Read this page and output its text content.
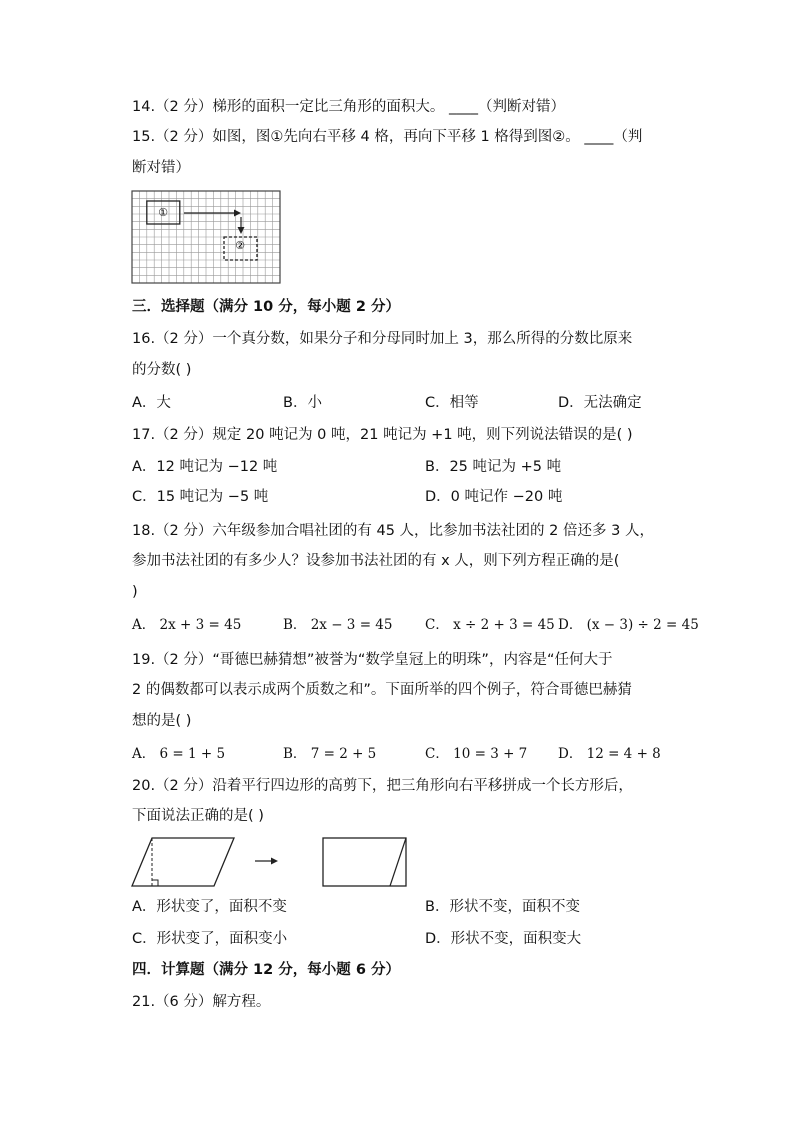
14.（2 分）梯形的面积一定比三角形的面积大。 ____（判断对错）
15.（2 分）如图，图①先向右平移 4 格，再向下平移 1 格得到图②。 ____（判
断对错）
①
②
三．选择题（满分 10 分，每小题 2 分）
16.（2 分）一个真分数，如果分子和分母同时加上 3，那么所得的分数比原来
的分数( )
A．大	B．小	C．相等	D．无法确定
17.（2 分）规定 20 吨记为 0 吨，21 吨记为 +1 吨，则下列说法错误的是( )
A．12 吨记为 −12 吨	B．25 吨记为 +5 吨
C．15 吨记为 −5 吨	D．0 吨记作 −20 吨
18.（2 分）六年级参加合唱社团的有 45 人，比参加书法社团的 2 倍还多 3 人，
参加书法社团的有多少人？设参加书法社团的有 x 人，则下列方程正确的是(
)
A． 2x + 3 = 45	B． 2x − 3 = 45 C． x ÷ 2 + 3 = 45 D． (x − 3) ÷ 2 = 45
19.（2 分）“哥德巴赫猜想”被誉为“数学皇冠上的明珠”，内容是“任何大于
2 的偶数都可以表示成两个质数之和”。下面所举的四个例子，符合哥德巴赫猜
想的是( )
A． 6 = 1 + 5	B． 7 = 2 + 5	C． 10 = 3 + 7 D． 12 = 4 + 8
20.（2 分）沿着平行四边形的高剪下，把三角形向右平移拼成一个长方形后，
下面说法正确的是( )
A．形状变了，面积不变	B．形状不变，面积不变
C．形状变了，面积变小	D．形状不变，面积变大
四．计算题（满分 12 分，每小题 6 分）
21.（6 分）解方程。
